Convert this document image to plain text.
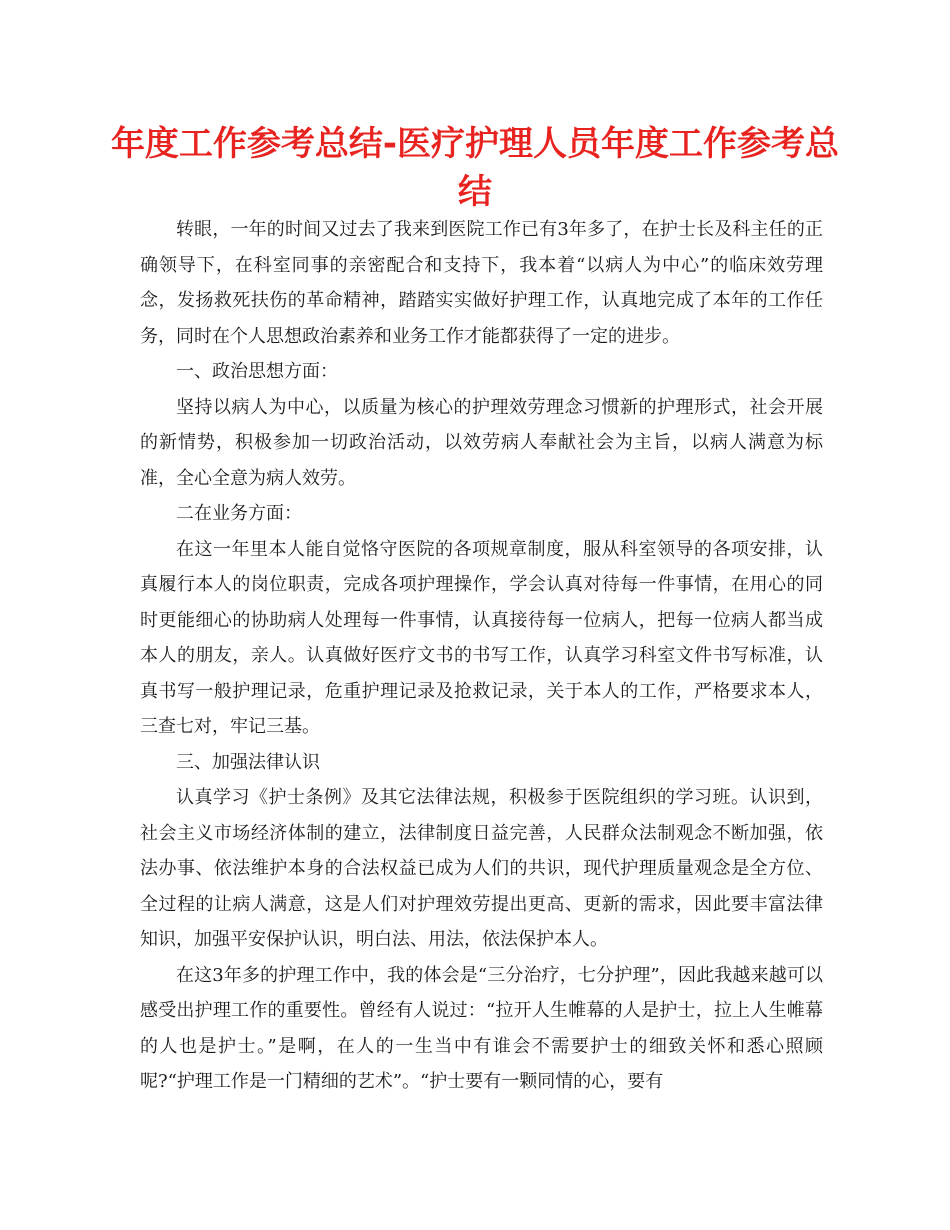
年度工作参考总结-医疗护理人员年度工作参考总结

转眼，一年的时间又过去了我来到医院工作已有3年多了，在护士长及科主任的正确领导下，在科室同事的亲密配合和支持下，我本着“以病人为中心”的临床效劳理念，发扬救死扶伤的革命精神，踏踏实实做好护理工作，认真地完成了本年的工作任务，同时在个人思想政治素养和业务工作才能都获得了一定的进步。

一、政治思想方面：

坚持以病人为中心，以质量为核心的护理效劳理念习惯新的护理形式，社会开展的新情势，积极参加一切政治活动，以效劳病人奉献社会为主旨，以病人满意为标准，全心全意为病人效劳。

二在业务方面：

在这一年里本人能自觉恪守医院的各项规章制度，服从科室领导的各项安排，认真履行本人的岗位职责，完成各项护理操作，学会认真对待每一件事情，在用心的同时更能细心的协助病人处理每一件事情，认真接待每一位病人，把每一位病人都当成本人的朋友，亲人。认真做好医疗文书的书写工作，认真学习科室文件书写标准，认真书写一般护理记录，危重护理记录及抢救记录，关于本人的工作，严格要求本人，三查七对，牢记三基。

三、加强法律认识

认真学习《护士条例》及其它法律法规，积极参于医院组织的学习班。认识到，社会主义市场经济体制的建立，法律制度日益完善，人民群众法制观念不断加强，依法办事、依法维护本身的合法权益已成为人们的共识，现代护理质量观念是全方位、全过程的让病人满意，这是人们对护理效劳提出更高、更新的需求，因此要丰富法律知识，加强平安保护认识，明白法、用法，依法保护本人。

在这3年多的护理工作中，我的体会是“三分治疗，七分护理”，因此我越来越可以感受出护理工作的重要性。曾经有人说过：“拉开人生帷幕的人是护士，拉上人生帷幕的人也是护士。”是啊，在人的一生当中有谁会不需要护士的细致关怀和悉心照顾呢?“护理工作是一门精细的艺术”。“护士要有一颗同情的心，要有
